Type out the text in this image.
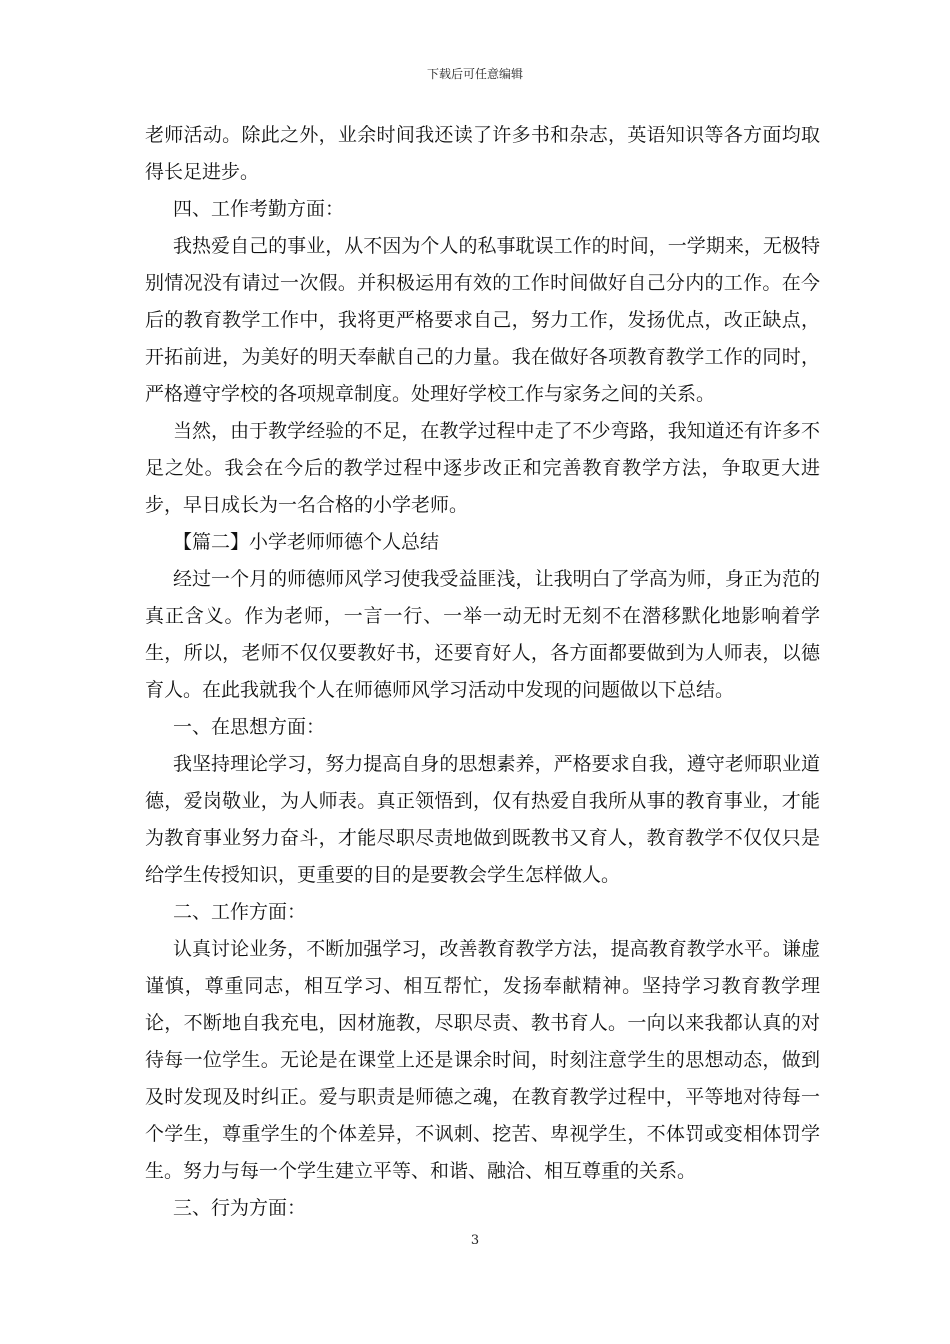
下载后可任意编辑

老师活动。除此之外，业余时间我还读了许多书和杂志，英语知识等各方面均取得长足进步。

四、工作考勤方面：

我热爱自己的事业，从不因为个人的私事耽误工作的时间，一学期来，无极特别情况没有请过一次假。并积极运用有效的工作时间做好自己分内的工作。在今后的教育教学工作中，我将更严格要求自己，努力工作，发扬优点，改正缺点，开拓前进，为美好的明天奉献自己的力量。我在做好各项教育教学工作的同时，严格遵守学校的各项规章制度。处理好学校工作与家务之间的关系。

当然，由于教学经验的不足，在教学过程中走了不少弯路，我知道还有许多不足之处。我会在今后的教学过程中逐步改正和完善教育教学方法，争取更大进步，早日成长为一名合格的小学老师。

【篇二】小学老师师德个人总结

经过一个月的师德师风学习使我受益匪浅，让我明白了学高为师，身正为范的真正含义。作为老师，一言一行、一举一动无时无刻不在潜移默化地影响着学生，所以，老师不仅仅要教好书，还要育好人，各方面都要做到为人师表，以德育人。在此我就我个人在师德师风学习活动中发现的问题做以下总结。

一、在思想方面：

我坚持理论学习，努力提高自身的思想素养，严格要求自我，遵守老师职业道德，爱岗敬业，为人师表。真正领悟到，仅有热爱自我所从事的教育事业，才能为教育事业努力奋斗，才能尽职尽责地做到既教书又育人，教育教学不仅仅只是给学生传授知识，更重要的目的是要教会学生怎样做人。

二、工作方面：

认真讨论业务，不断加强学习，改善教育教学方法，提高教育教学水平。谦虚谨慎，尊重同志，相互学习、相互帮忙，发扬奉献精神。坚持学习教育教学理论，不断地自我充电，因材施教，尽职尽责、教书育人。一向以来我都认真的对待每一位学生。无论是在课堂上还是课余时间，时刻注意学生的思想动态，做到及时发现及时纠正。爱与职责是师德之魂，在教育教学过程中，平等地对待每一个学生，尊重学生的个体差异，不讽刺、挖苦、卑视学生，不体罚或变相体罚学生。努力与每一个学生建立平等、和谐、融洽、相互尊重的关系。

三、行为方面：

3
